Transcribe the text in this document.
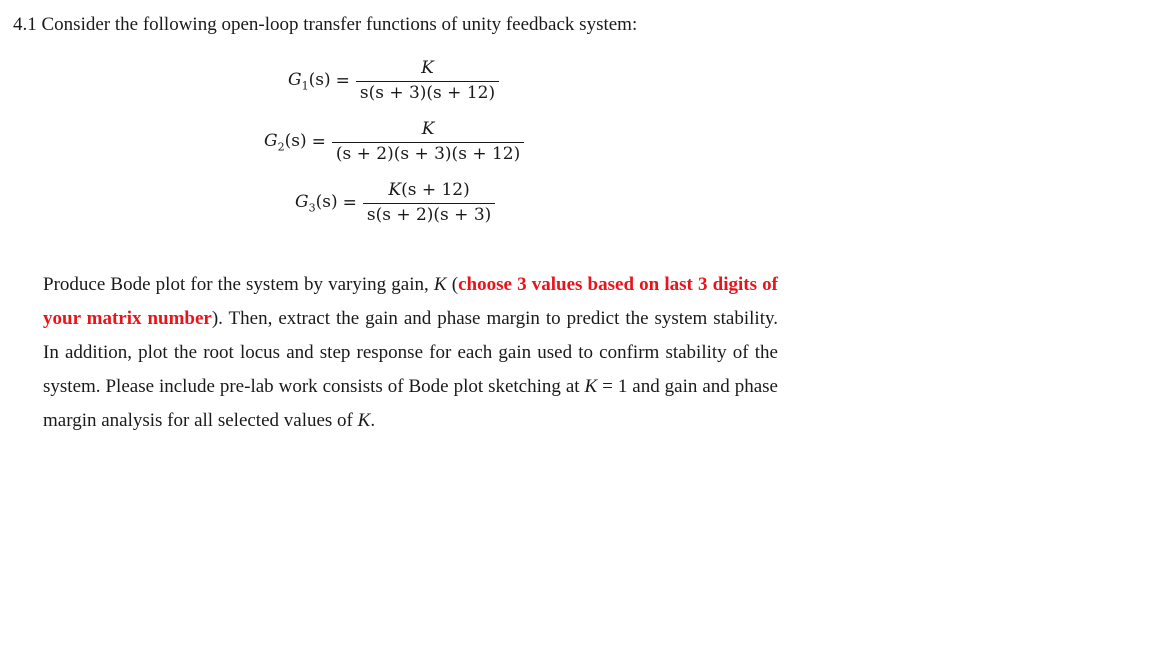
4.1 Consider the following open-loop transfer functions of unity feedback system:
$G_1(s) = \frac{K}{s(s + 3)(s + 12)}$
$G_2(s) = \frac{K}{(s + 2)(s + 3)(s + 12)}$
$G_3(s) = \frac{K(s + 12)}{s(s + 2)(s + 3)}$
Produce Bode plot for the system by varying gain, K (choose 3 values based on last 3 digits of your matrix number). Then, extract the gain and phase margin to predict the system stability. In addition, plot the root locus and step response for each gain used to confirm stability of the system. Please include pre-lab work consists of Bode plot sketching at K = 1 and gain and phase margin analysis for all selected values of K.
